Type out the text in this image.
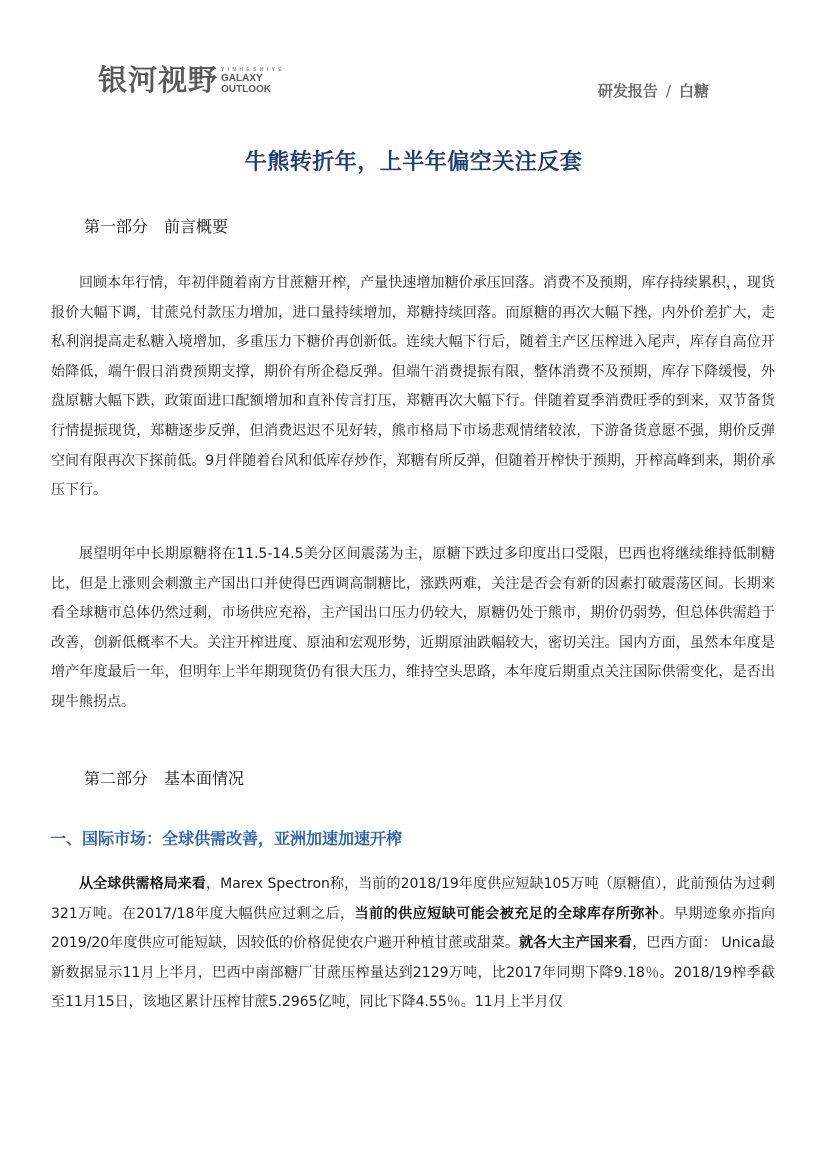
银河视野 Y I N H E S H I Y E
GALAXY
OUTLOOK	研发报告 / 白糖
牛熊转折年，上半年偏空关注反套
第一部分 前言概要

回顾本年行情，年初伴随着南方甘蔗糖开榨，产量快速增加糖价承压回落。消费不及预期，库存持续累积，，现货报价大幅下调，甘蔗兑付款压力增加，进口量持续增加，郑糖持续回落。而原糖的再次大幅下挫，内外价差扩大，走私利润提高走私糖入境增加，多重压力下糖价再创新低。连续大幅下行后，随着主产区压榨进入尾声，库存自高位开始降低，端午假日消费预期支撑，期价有所企稳反弹。但端午消费提振有限，整体消费不及预期，库存下降缓慢，外盘原糖大幅下跌，政策面进口配额增加和直补传言打压，郑糖再次大幅下行。伴随着夏季消费旺季的到来，双节备货行情提振现货，郑糖逐步反弹，但消费迟迟不见好转，熊市格局下市场悲观情绪较浓，下游备货意愿不强，期价反弹空间有限再次下探前低。9月伴随着台风和低库存炒作，郑糖有所反弹，但随着开榨快于预期，开榨高峰到来，期价承压下行。

展望明年中长期原糖将在11.5-14.5美分区间震荡为主，原糖下跌过多印度出口受限，巴西也将继续维持低制糖比，但是上涨则会刺激主产国出口并使得巴西调高制糖比，涨跌两难，关注是否会有新的因素打破震荡区间。长期来看全球糖市总体仍然过剩，市场供应充裕，主产国出口压力仍较大，原糖仍处于熊市，期价仍弱势，但总体供需趋于改善，创新低概率不大。关注开榨进度、原油和宏观形势，近期原油跌幅较大，密切关注。国内方面，虽然本年度是增产年度最后一年，但明年上半年期现货仍有很大压力，维持空头思路，本年度后期重点关注国际供需变化，是否出现牛熊拐点。

第二部分 基本面情况
一、国际市场：全球供需改善，亚洲加速加速开榨

从全球供需格局来看，Marex Spectron称，当前的2018/19年度供应短缺105万吨（原糖值），此前预估为过剩321万吨。在2017/18年度大幅供应过剩之后，当前的供应短缺可能会被充足的全球库存所弥补。早期迹象亦指向2019/20年度供应可能短缺，因较低的价格促使农户避开种植甘蔗或甜菜。就各大主产国来看，巴西方面： Unica最新数据显示11月上半月，巴西中南部糖厂甘蔗压榨量达到2129万吨，比2017年同期下降9.18％。2018/19榨季截至11月15日，该地区累计压榨甘蔗5.2965亿吨，同比下降4.55％。11月上半月仅
